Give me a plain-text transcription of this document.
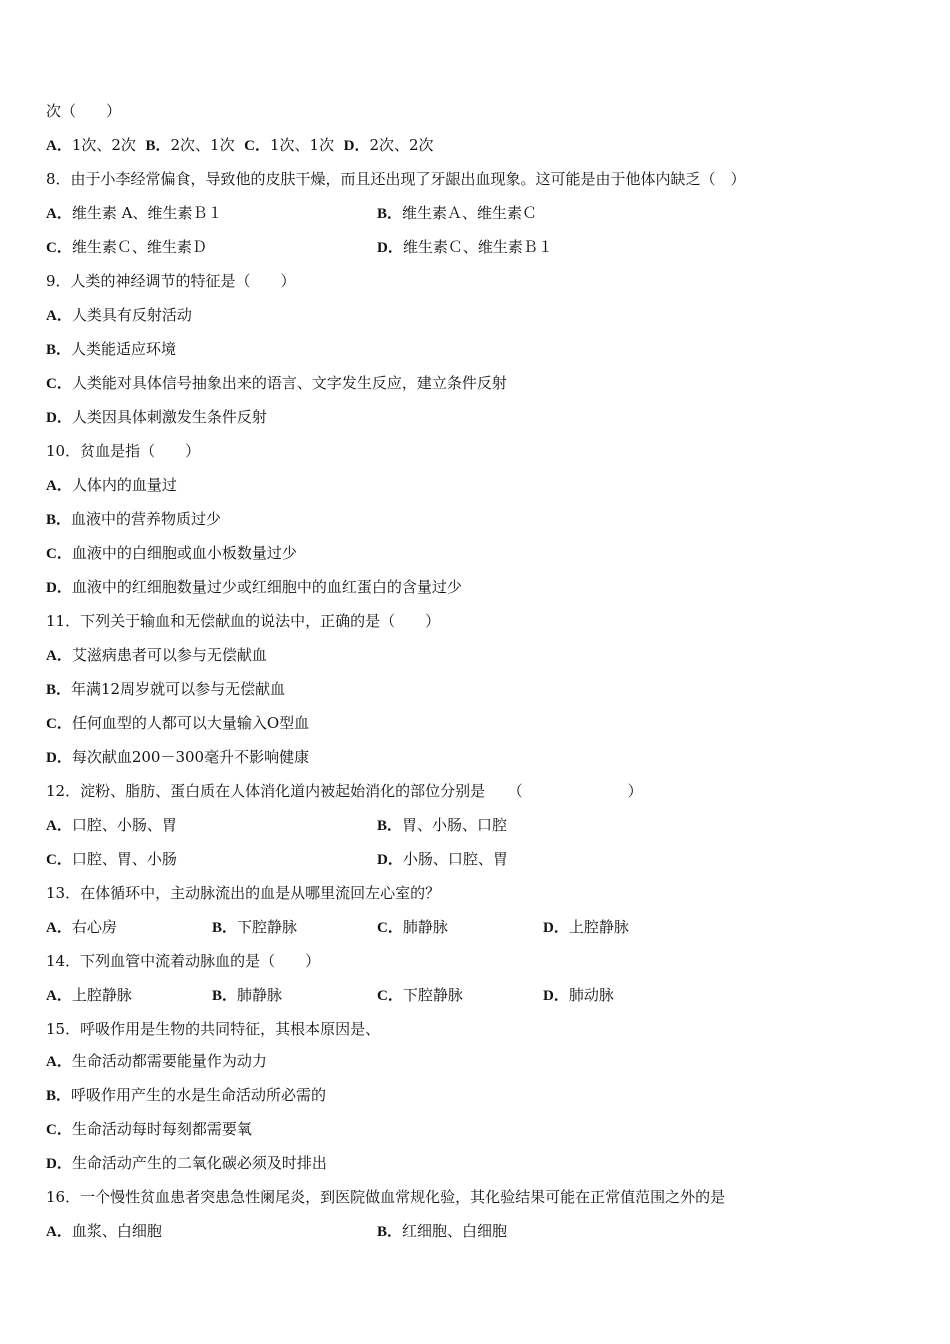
次（　　）
A．1次、2次 B．2次、1次 C．1次、1次 D．2次、2次
8．由于小李经常偏食，导致他的皮肤干燥，而且还出现了牙龈出血现象。这可能是由于他体内缺乏（　）
A．维生素 A、维生素Ｂ１	B．维生素Ａ、维生素Ｃ
C．维生素Ｃ、维生素Ｄ	D．维生素Ｃ、维生素Ｂ１
9．人类的神经调节的特征是（　　）
A．人类具有反射活动
B．人类能适应环境
C．人类能对具体信号抽象出来的语言、文字发生反应，建立条件反射
D．人类因具体刺激发生条件反射
10．贫血是指（　　）
A．人体内的血量过
B．血液中的营养物质过少
C．血液中的白细胞或血小板数量过少
D．血液中的红细胞数量过少或红细胞中的血红蛋白的含量过少
11．下列关于输血和无偿献血的说法中，正确的是（　　）
A．艾滋病患者可以参与无偿献血
B．年满12周岁就可以参与无偿献血
C．任何血型的人都可以大量输入O型血
D．每次献血200－300毫升不影响健康
12．淀粉、脂肪、蛋白质在人体消化道内被起始消化的部位分别是　　（　　　　　　　）
A．口腔、小肠、胃	B．胃、小肠、口腔
C．口腔、胃、小肠	D．小肠、口腔、胃
13．在体循环中，主动脉流出的血是从哪里流回左心室的？
A．右心房	B．下腔静脉	C．肺静脉	D．上腔静脉
14．下列血管中流着动脉血的是（　　）
A．上腔静脉	B．肺静脉	C．下腔静脉	D．肺动脉
15．呼吸作用是生物的共同特征，其根本原因是、
A．生命活动都需要能量作为动力
B．呼吸作用产生的水是生命活动所必需的
C．生命活动每时每刻都需要氧
D．生命活动产生的二氧化碳必须及时排出
16．一个慢性贫血患者突患急性阑尾炎，到医院做血常规化验，其化验结果可能在正常值范围之外的是
A．血浆、白细胞	B．红细胞、白细胞
